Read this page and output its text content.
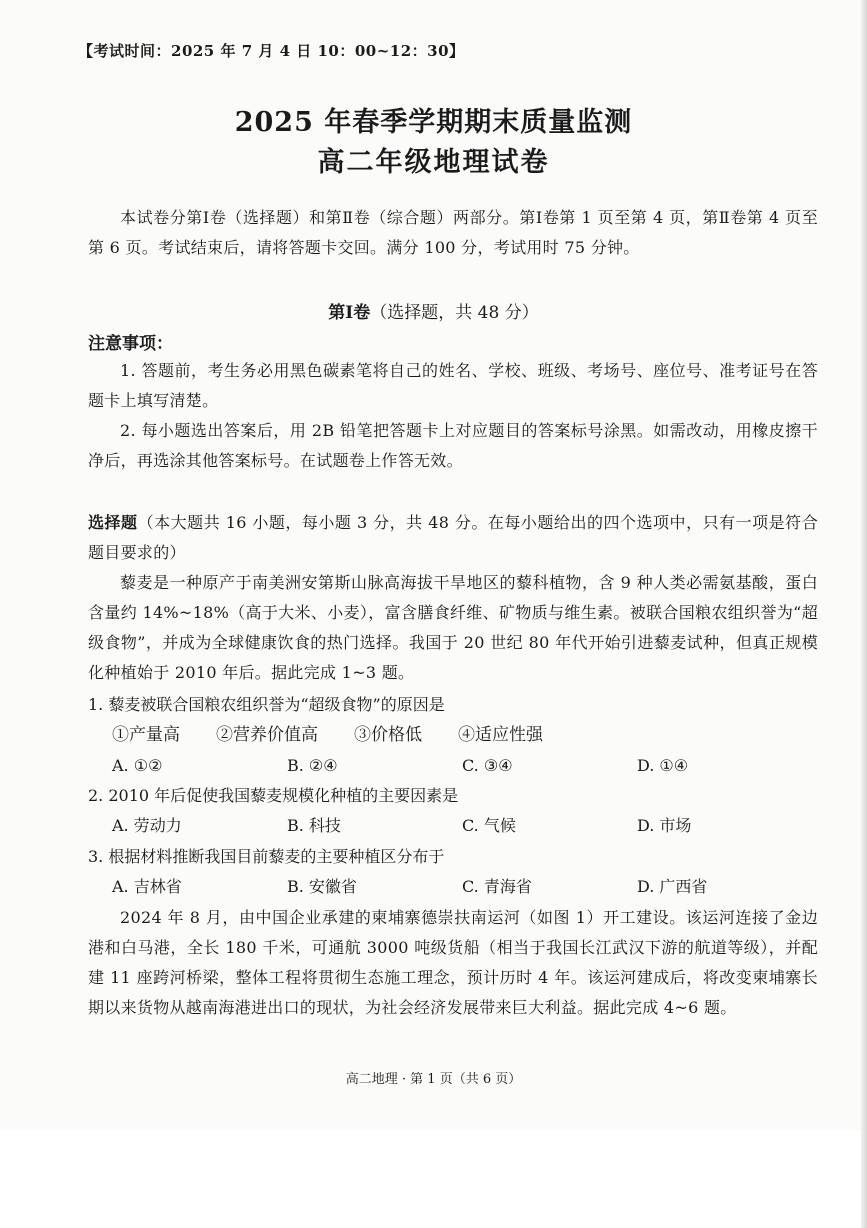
【考试时间：2025 年 7 月 4 日 10：00~12：30】
2025 年春季学期期末质量监测
高二年级地理试卷
本试卷分第Ⅰ卷（选择题）和第Ⅱ卷（综合题）两部分。第Ⅰ卷第 1 页至第 4 页，第Ⅱ卷第 4 页至第 6 页。考试结束后，请将答题卡交回。满分 100 分，考试用时 75 分钟。
第Ⅰ卷（选择题，共 48 分）
注意事项：
1. 答题前，考生务必用黑色碳素笔将自己的姓名、学校、班级、考场号、座位号、准考证号在答题卡上填写清楚。
2. 每小题选出答案后，用 2B 铅笔把答题卡上对应题目的答案标号涂黑。如需改动，用橡皮擦干净后，再选涂其他答案标号。在试题卷上作答无效。
选择题（本大题共 16 小题，每小题 3 分，共 48 分。在每小题给出的四个选项中，只有一项是符合题目要求的）
藜麦是一种原产于南美洲安第斯山脉高海拔干旱地区的藜科植物，含 9 种人类必需氨基酸，蛋白含量约 14%~18%（高于大米、小麦），富含膳食纤维、矿物质与维生素。被联合国粮农组织誉为“超级食物”，并成为全球健康饮食的热门选择。我国于 20 世纪 80 年代开始引进藜麦试种，但真正规模化种植始于 2010 年后。据此完成 1~3 题。
1. 藜麦被联合国粮农组织誉为“超级食物”的原因是
①产量高 ②营养价值高 ③价格低 ④适应性强
A. ①②	B. ②④	C. ③④	D. ①④
2. 2010 年后促使我国藜麦规模化种植的主要因素是
A. 劳动力	B. 科技	C. 气候	D. 市场
3. 根据材料推断我国目前藜麦的主要种植区分布于
A. 吉林省	B. 安徽省	C. 青海省	D. 广西省
2024 年 8 月，由中国企业承建的柬埔寨德崇扶南运河（如图 1）开工建设。该运河连接了金边港和白马港，全长 180 千米，可通航 3000 吨级货船（相当于我国长江武汉下游的航道等级），并配建 11 座跨河桥梁，整体工程将贯彻生态施工理念，预计历时 4 年。该运河建成后，将改变柬埔寨长期以来货物从越南海港进出口的现状，为社会经济发展带来巨大利益。据此完成 4~6 题。
高二地理 · 第 1 页（共 6 页）
